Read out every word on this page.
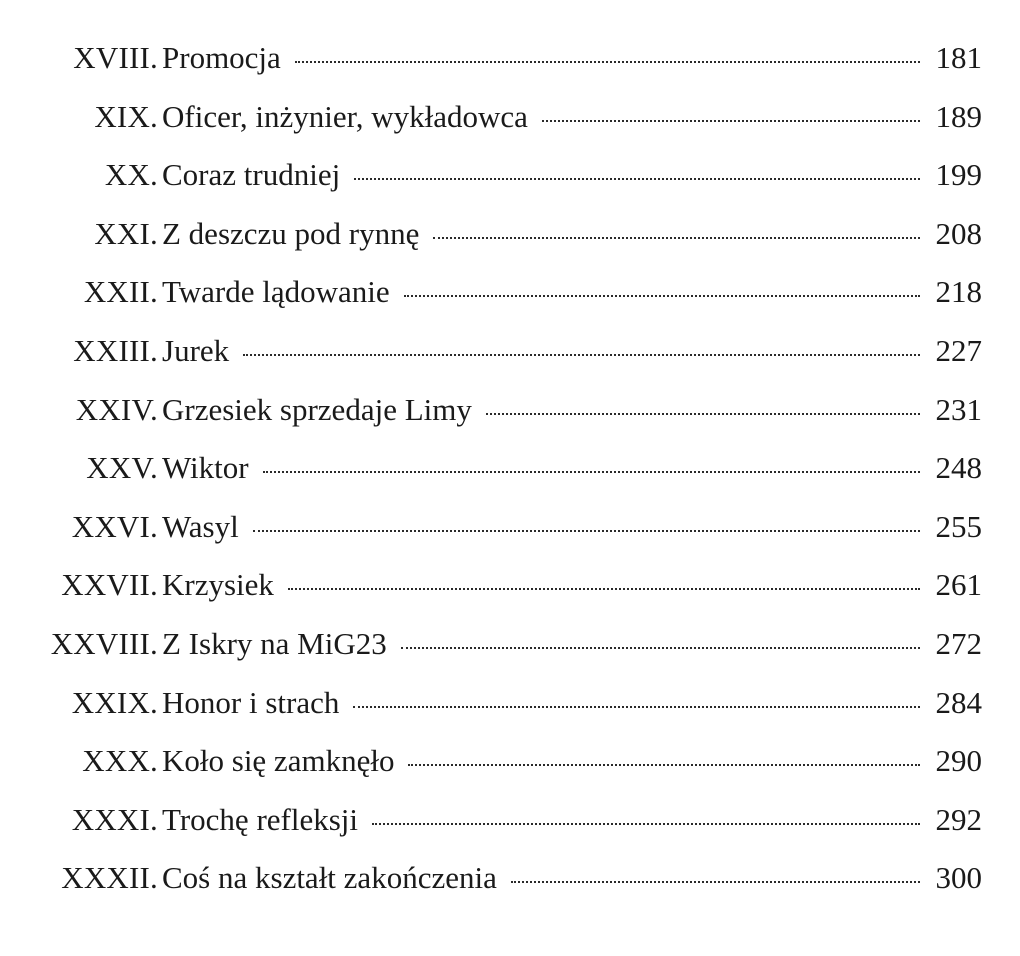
XVIII. Promocja	181
XIX. Oficer, inżynier, wykładowca	189
XX. Coraz trudniej	199
XXI. Z deszczu pod rynnę	208
XXII. Twarde lądowanie	218
XXIII. Jurek	227
XXIV. Grzesiek sprzedaje Limy	231
XXV. Wiktor	248
XXVI. Wasyl	255
XXVII. Krzysiek	261
XXVIII. Z Iskry na MiG23	272
XXIX. Honor i strach	284
XXX. Koło się zamknęło	290
XXXI. Trochę refleksji	292
XXXII. Coś na kształt zakończenia	300
